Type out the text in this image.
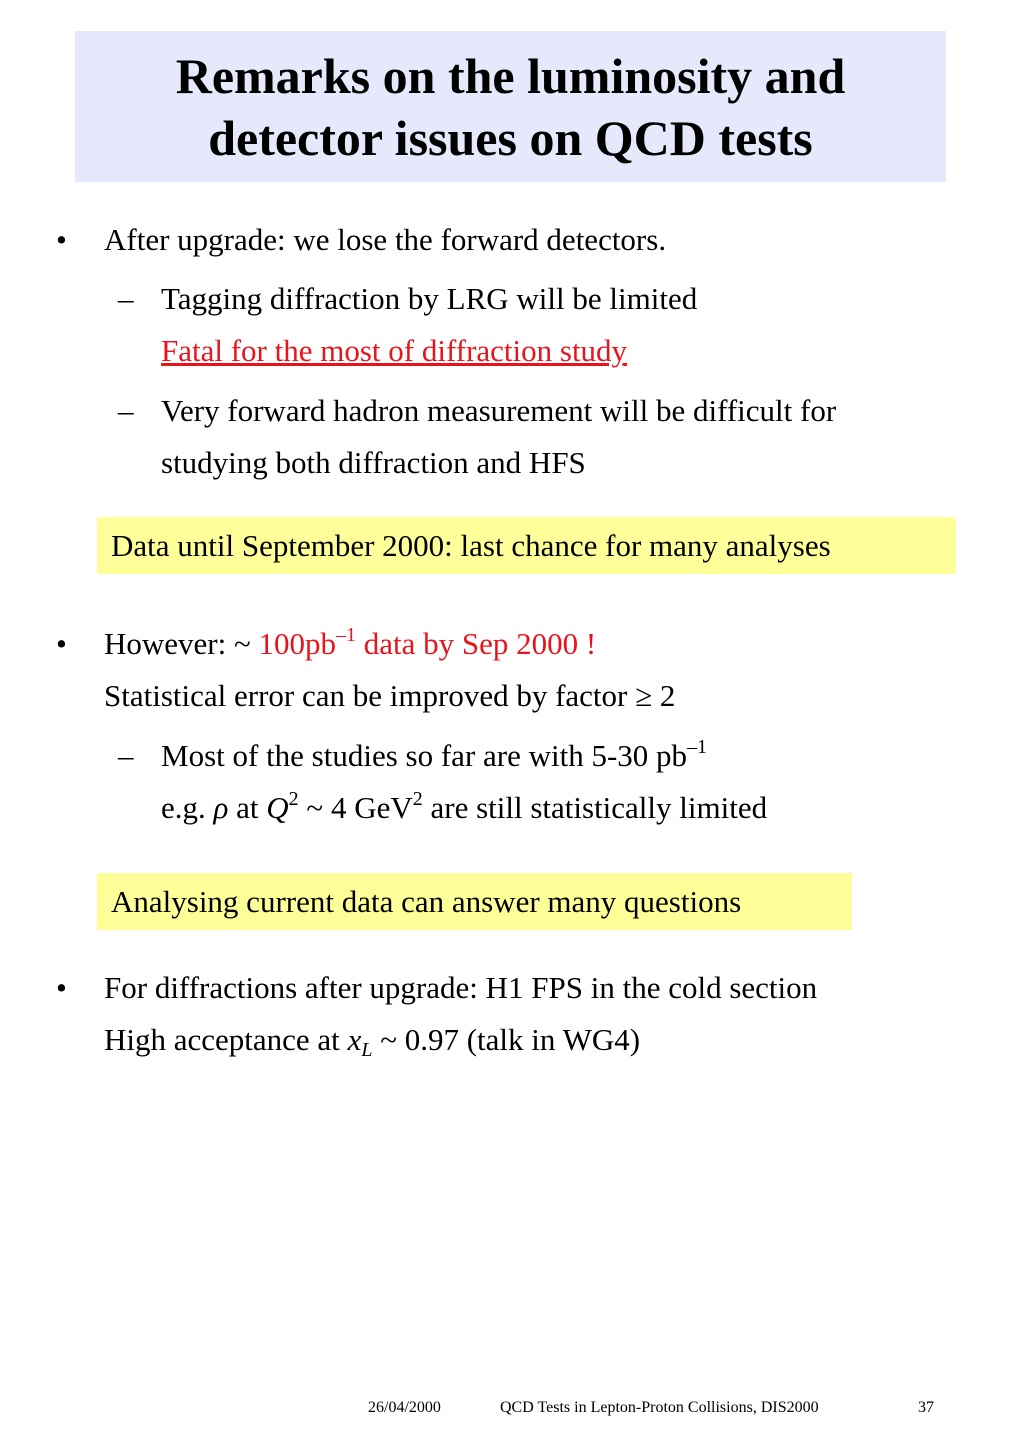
Remarks on the luminosity and
detector issues on QCD tests
• After upgrade: we lose the forward detectors.
– Tagging diffraction by LRG will be limited
Fatal for the most of diffraction study
– Very forward hadron measurement will be difficult for
studying both diffraction and HFS
Data until September 2000: last chance for many analyses
• However: ~ $100pb^{-1}$ data by Sep 2000 !
Statistical error can be improved by factor ≥ 2
– Most of the studies so far are with 5-30 $pb^{-1}$
e.g. ρ at $Q^2$ ~ 4 GeV$^2$ are still statistically limited
Analysing current data can answer many questions
• For diffractions after upgrade: H1 FPS in the cold section
High acceptance at $x_L$ ~ 0.97 (talk in WG4)
26/04/2000	QCD Tests in Lepton-Proton Collisions, DIS2000	37
